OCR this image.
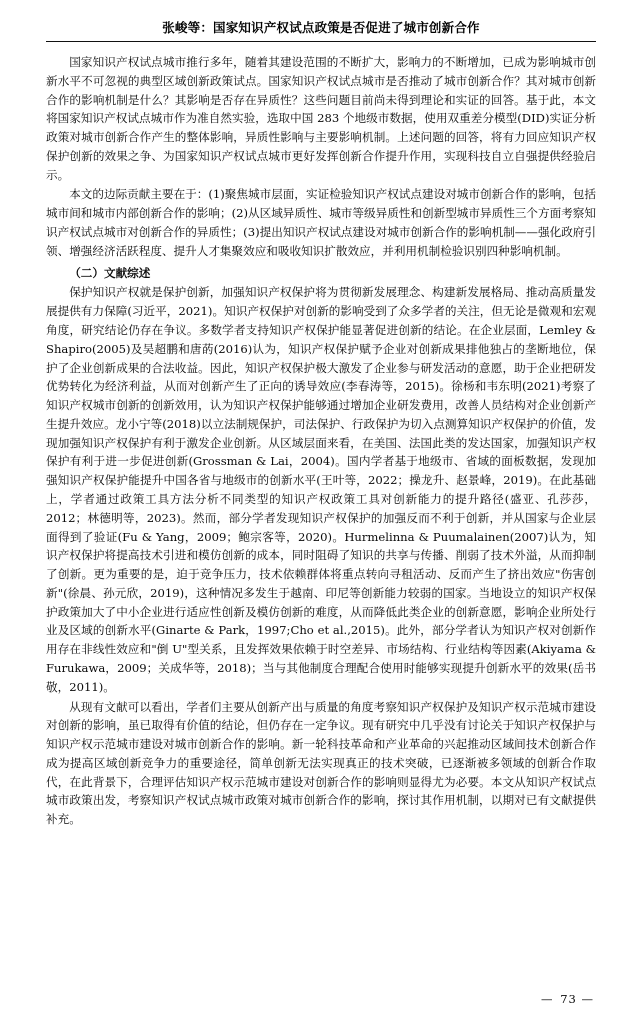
张峻等：国家知识产权试点政策是否促进了城市创新合作

国家知识产权试点城市推行多年，随着其建设范围的不断扩大，影响力的不断增加，已成为影响城市创新水平不可忽视的典型区域创新政策试点。国家知识产权试点城市是否推动了城市创新合作？其对城市创新合作的影响机制是什么？其影响是否存在异质性？这些问题目前尚未得到理论和实证的回答。基于此，本文将国家知识产权试点城市作为准自然实验，选取中国 283 个地级市数据，使用双重差分模型(DID)实证分析政策对城市创新合作产生的整体影响，异质性影响与主要影响机制。上述问题的回答，将有力回应知识产权保护创新的效果之争、为国家知识产权试点城市更好发挥创新合作提升作用，实现科技自立自强提供经验启示。

本文的边际贡献主要在于：(1)聚焦城市层面，实证检验知识产权试点建设对城市创新合作的影响，包括城市间和城市内部创新合作的影响；(2)从区域异质性、城市等级异质性和创新型城市异质性三个方面考察知识产权试点城市对创新合作的异质性；(3)提出知识产权试点建设对城市创新合作的影响机制——强化政府引领、增强经济活跃程度、提升人才集聚效应和吸收知识扩散效应，并利用机制检验识别四种影响机制。

（二）文献综述

保护知识产权就是保护创新，加强知识产权保护将为贯彻新发展理念、构建新发展格局、推动高质量发展提供有力保障(习近平，2021)。知识产权保护对创新的影响受到了众多学者的关注，但无论是微观和宏观角度，研究结论仍存在争议。多数学者支持知识产权保护能显著促进创新的结论。在企业层面，Lemley & Shapiro(2005)及吴超鹏和唐菂(2016)认为，知识产权保护赋予企业对创新成果排他独占的垄断地位，保护了企业创新成果的合法收益。因此，知识产权保护极大激发了企业参与研发活动的意愿，助于企业把研发优势转化为经济利益，从而对创新产生了正向的诱导效应(李春涛等，2015)。徐杨和韦东明(2021)考察了知识产权城市创新的创新效用，认为知识产权保护能够通过增加企业研发费用，改善人员结构对企业创新产生提升效应。龙小宁等(2018)以立法制规保护，司法保护、行政保护为切入点测算知识产权保护的价值，发现加强知识产权保护有利于激发企业创新。从区域层面来看，在美国、法国此类的发达国家，加强知识产权保护有利于进一步促进创新(Grossman & Lai，2004)。国内学者基于地级市、省域的面板数据，发现加强知识产权保护能提升中国各省与地级市的创新水平(王叶等，2022；操龙升、赵景峰，2019)。在此基础上，学者通过政策工具方法分析不同类型的知识产权政策工具对创新能力的提升路径(盛亚、孔莎莎，2012；林德明等，2023)。然而，部分学者发现知识产权保护的加强反而不利于创新，并从国家与企业层面得到了验证(Fu & Yang，2009；鲍宗客等，2020)。Hurmelinna & Puumalainen(2007)认为，知识产权保护将提高技术引进和模仿创新的成本，同时阻碍了知识的共享与传播、削弱了技术外溢，从而抑制了创新。更为重要的是，迫于竞争压力，技术依赖群体将重点转向寻租活动、反而产生了挤出效应"伤害创新"(徐晨、孙元欣，2019)，这种情况多发生于越南、印尼等创新能力较弱的国家。当地设立的知识产权保护政策加大了中小企业进行适应性创新及模仿创新的难度，从而降低此类企业的创新意愿，影响企业所处行业及区域的创新水平(Ginarte & Park，1997;Cho et al.,2015)。此外，部分学者认为知识产权对创新作用存在非线性效应和"倒 U"型关系，且发挥效果依赖于时空差异、市场结构、行业结构等因素(Akiyama & Furukawa，2009；关成华等，2018)；当与其他制度合理配合使用时能够实现提升创新水平的效果(岳书敬，2011)。

从现有文献可以看出，学者们主要从创新产出与质量的角度考察知识产权保护及知识产权示范城市建设对创新的影响，虽已取得有价值的结论，但仍存在一定争议。现有研究中几乎没有讨论关于知识产权保护与知识产权示范城市建设对城市创新合作的影响。新一轮科技革命和产业革命的兴起推动区域间技术创新合作成为提高区域创新竞争力的重要途径，简单创新无法实现真正的技术突破，已逐渐被多领域的创新合作取代，在此背景下，合理评估知识产权示范城市建设对创新合作的影响则显得尤为必要。本文从知识产权试点城市政策出发，考察知识产权试点城市政策对城市创新合作的影响，探讨其作用机制，以期对已有文献提供补充。

— 73 —
